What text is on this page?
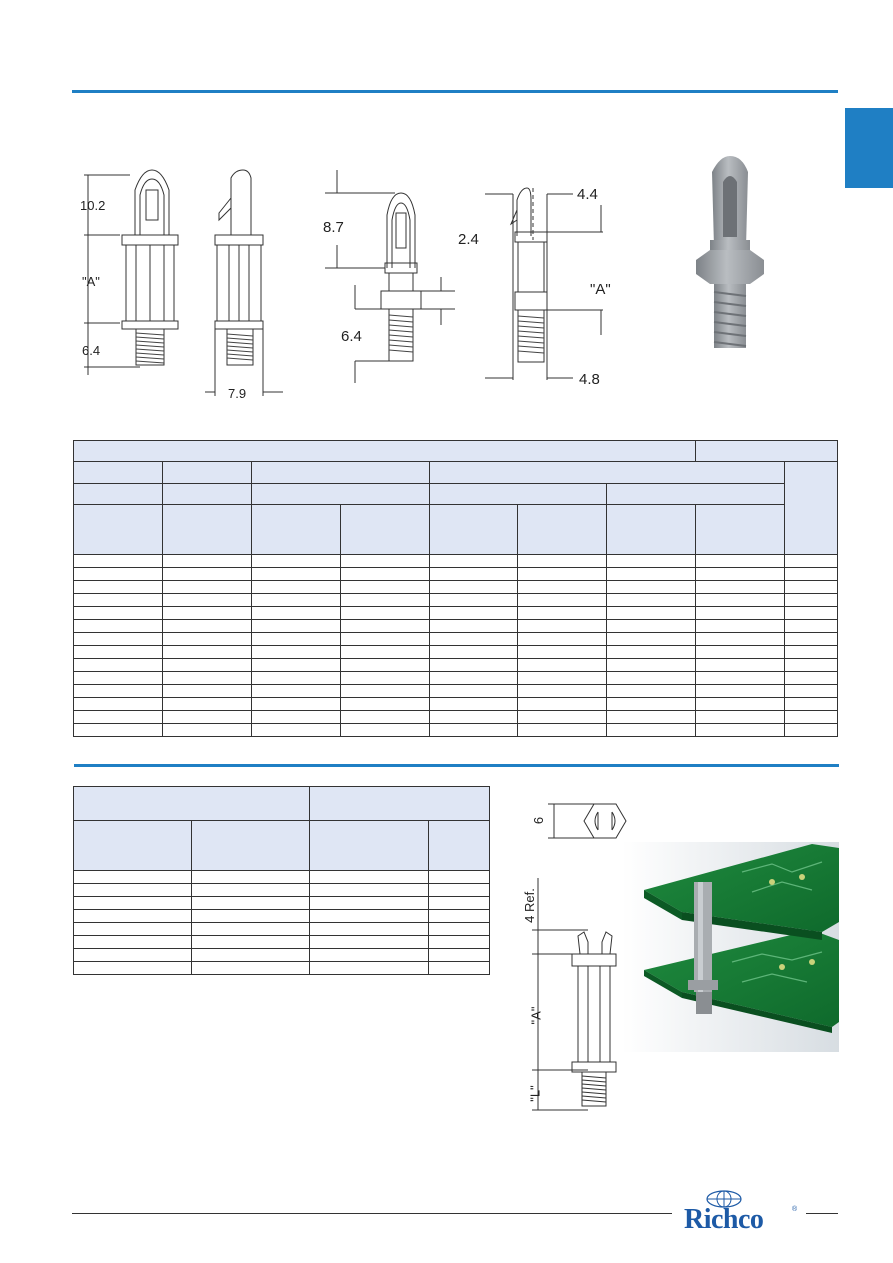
10.2
"A"
6.4
7.9
8.7
2.4
6.4
4.4
"A"
4.8

6
4 Ref.
"A"
"L"
Richco	®
